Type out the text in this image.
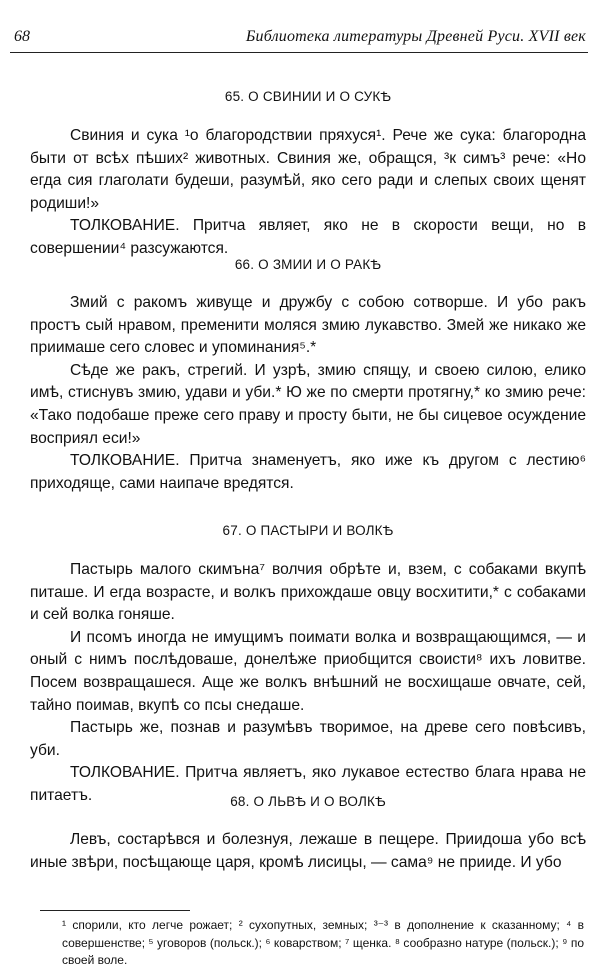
68	Библиотека литературы Древней Руси. XVII век
65. О СВИНИИ И О СУКѢ

Свиния и сука ¹о благородствии пряхуся¹. Рече же сука: благородна быти от всѣх пѣших² животных. Свиния же, обращся, ³к симъ³ рече: «Но егда сия глаголати будеши, разумѣй, яко сего ради и слепых своих щенят родиши!»

ТОЛКОВАНИЕ. Притча являет, яко не в скорости вещи, но в совершении⁴ разсужаются.

66. О ЗМИИ И О РАКѢ

Змий с ракомъ живуще и дружбу с собою сотворше. И убо ракъ простъ сый нравом, пременити моляся змию лукавство. Змей же никако же приимаше сего словес и упоминания⁵.*

Сѣде же ракъ, стрегий. И узрѣ, змию спящу, и своею силою, елико имѣ, стиснувъ змию, удави и уби.* Ю же по смерти протягну,* ко змию рече: «Тако подобаше преже сего праву и просту быти, не бы сицевое осуждение восприял еси!»

ТОЛКОВАНИЕ. Притча знаменуетъ, яко иже къ другом с лестию⁶ приходяще, сами наипаче вредятся.

67. О ПАСТЫРИ И ВОЛКѢ

Пастырь малого скимъна⁷ волчия обрѣте и, взем, с собаками вкупѣ питаше. И егда возрасте, и волкъ прихождаше овцу восхитити,* с собаками и сей волка гоняше.

И псомъ иногда не имущимъ поимати волка и возвращающимся, — и оный с нимъ послѣдоваше, донелѣже приобщится своисти⁸ ихъ ловитве. Посем возвращашеся. Аще же волкъ внѣшний не восхищаше овчате, сей, тайно поимав, вкупѣ со псы снедаше.

Пастырь же, познав и разумѣвъ творимое, на древе сего повѣсивъ, уби.

ТОЛКОВАНИЕ. Притча являетъ, яко лукавое естество блага нрава не питаетъ.	68. О ЛЬВѢ И О ВОЛКѢ

Левъ, состарѣвся и болезнуя, лежаше в пещере. Приидоша убо всѣ иные звѣри, посѣщающе царя, кромѣ лисицы, — сама⁹ не прииде. И убо

¹ спорили, кто легче рожает; ² сухопутных, земных; ³⁻³ в дополнение к сказанному; ⁴ в совершенстве; ⁵ уговоров (польск.); ⁶ коварством; ⁷ щенка. ⁸ сообразно натуре (польск.); ⁹ по своей воле.
